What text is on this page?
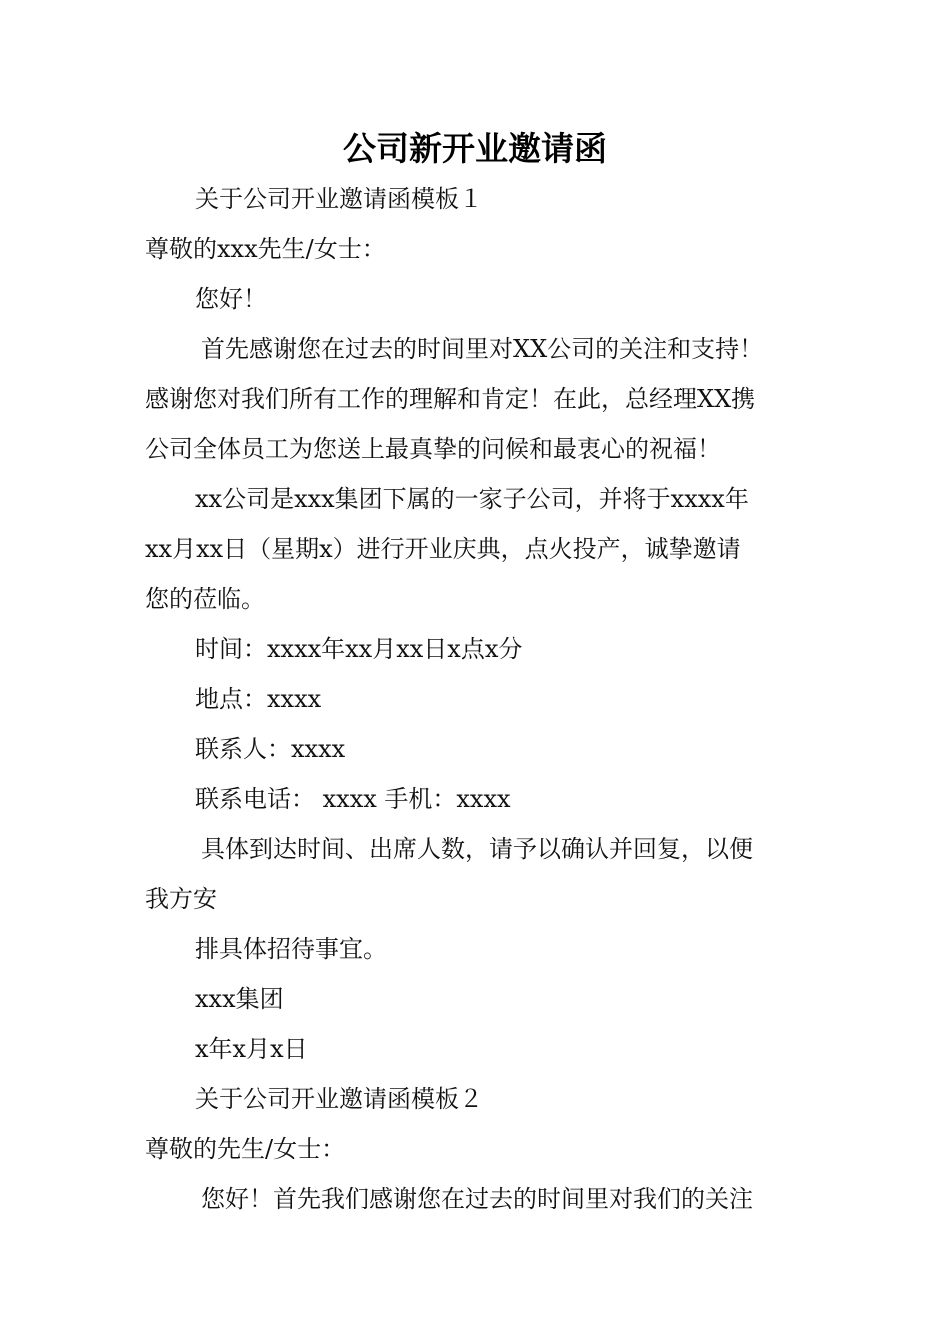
公司新开业邀请函

关于公司开业邀请函模板１

尊敬的xxx先生/女士：

您好！

首先感谢您在过去的时间里对XX公司的关注和支持！

感谢您对我们所有工作的理解和肯定！在此，总经理XX携

公司全体员工为您送上最真挚的问候和最衷心的祝福！

xx公司是xxx集团下属的一家子公司，并将于xxxx年

xx月xx日（星期x）进行开业庆典，点火投产，诚挚邀请

您的莅临。

时间：xxxx年xx月xx日x点x分

地点：xxxx

联系人：xxxx

联系电话： xxxx 手机：xxxx

具体到达时间、出席人数，请予以确认并回复，以便

我方安

排具体招待事宜。

xxx集团

x年x月x日

关于公司开业邀请函模板２

尊敬的先生/女士：

您好！首先我们感谢您在过去的时间里对我们的关注
